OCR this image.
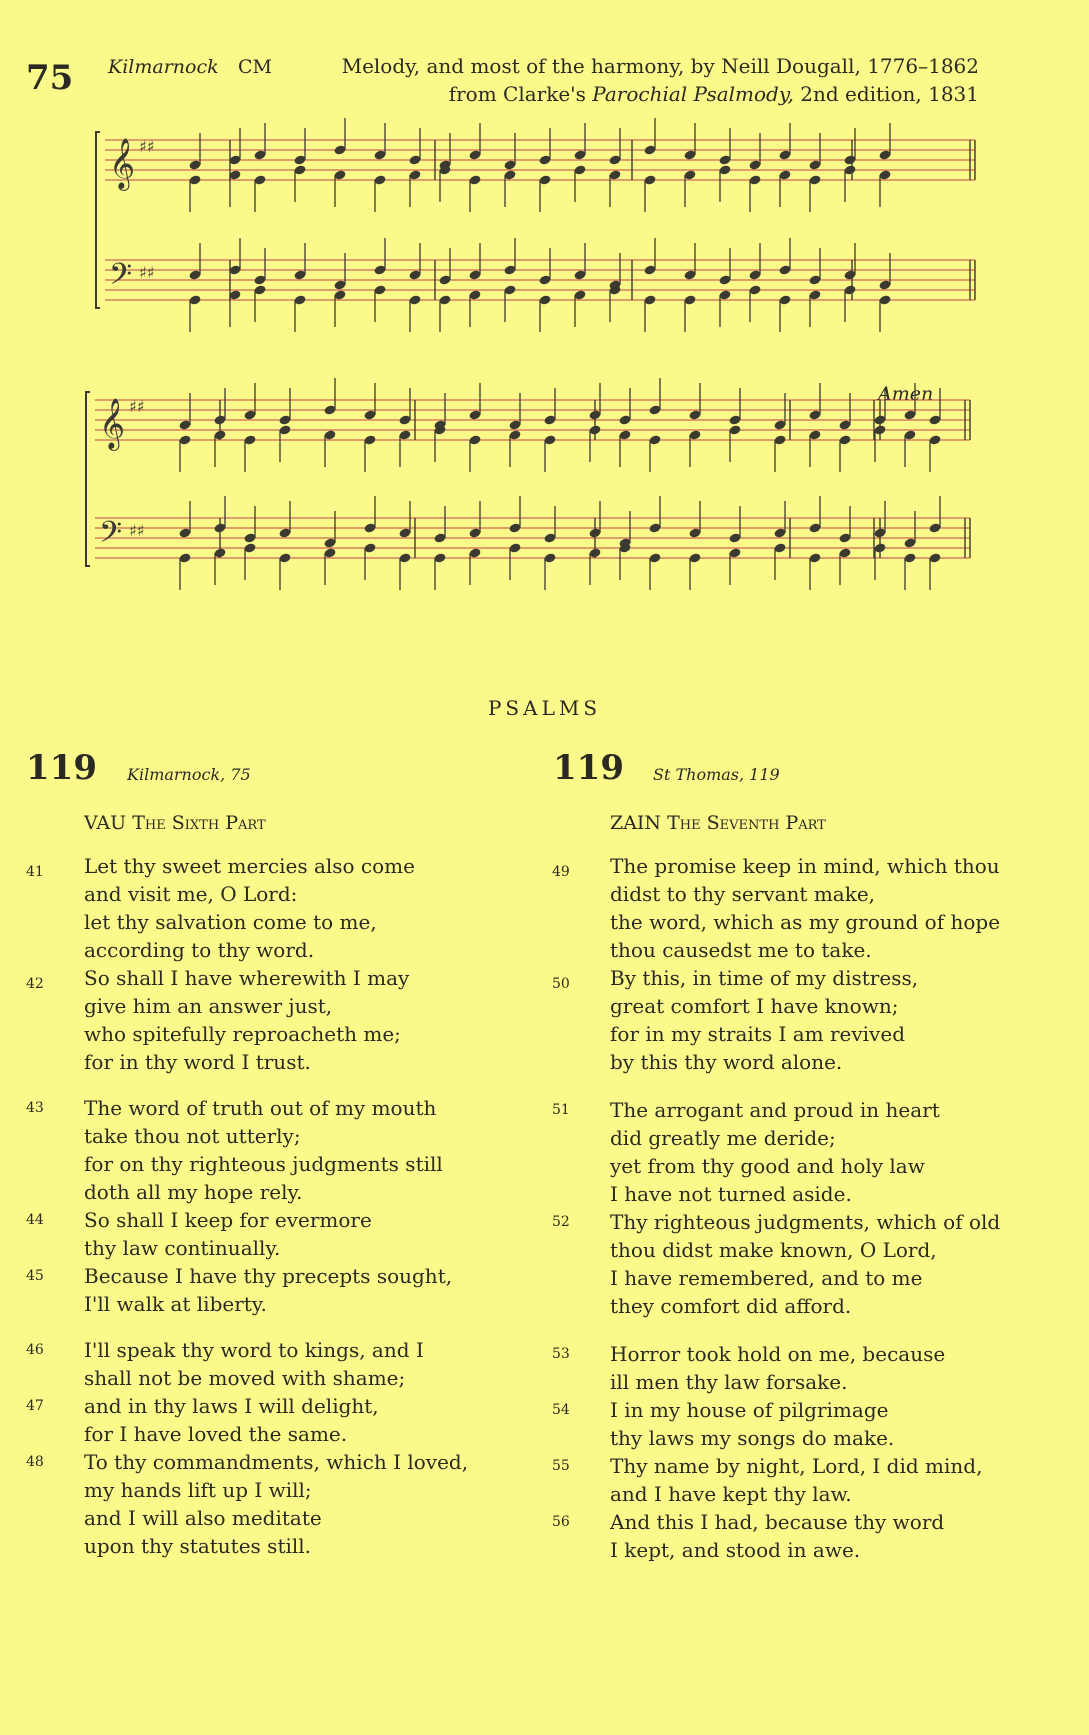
75 Kilmarnock CM	Melody, and most of the harmony, by Neill Dougall, 1776–1862
from Clarke's Parochial Psalmody, 2nd edition, 1831
Amen
𝄞
𝄢
♯♯
♯♯
𝄞
𝄢
♯♯
♯♯
PSALMS
119 Kilmarnock, 75
VAU The Sixth Part
119 St Thomas, 119
ZAIN The Seventh Part
41	Let thy sweet mercies also come
and visit me, O Lord:
let thy salvation come to me,
according to thy word.
42	So shall I have wherewith I may
give him an answer just,
who spitefully reproacheth me;
for in thy word I trust.
43	The word of truth out of my mouth
take thou not utterly;
for on thy righteous judgments still
doth all my hope rely.
44	So shall I keep for evermore
thy law continually.
45	Because I have thy precepts sought,
I'll walk at liberty.
46	I'll speak thy word to kings, and I
shall not be moved with shame;
47	and in thy laws I will delight,
for I have loved the same.
48	To thy commandments, which I loved,
my hands lift up I will;
and I will also meditate
upon thy statutes still.
49	The promise keep in mind, which thou
didst to thy servant make,
the word, which as my ground of hope
thou causedst me to take.
50	By this, in time of my distress,
great comfort I have known;
for in my straits I am revived
by this thy word alone.
51	The arrogant and proud in heart
did greatly me deride;
yet from thy good and holy law
I have not turned aside.
52	Thy righteous judgments, which of old
thou didst make known, O Lord,
I have remembered, and to me
they comfort did afford.
53	Horror took hold on me, because
ill men thy law forsake.
54	I in my house of pilgrimage
thy laws my songs do make.
55	Thy name by night, Lord, I did mind,
and I have kept thy law.
56	And this I had, because thy word
I kept, and stood in awe.
